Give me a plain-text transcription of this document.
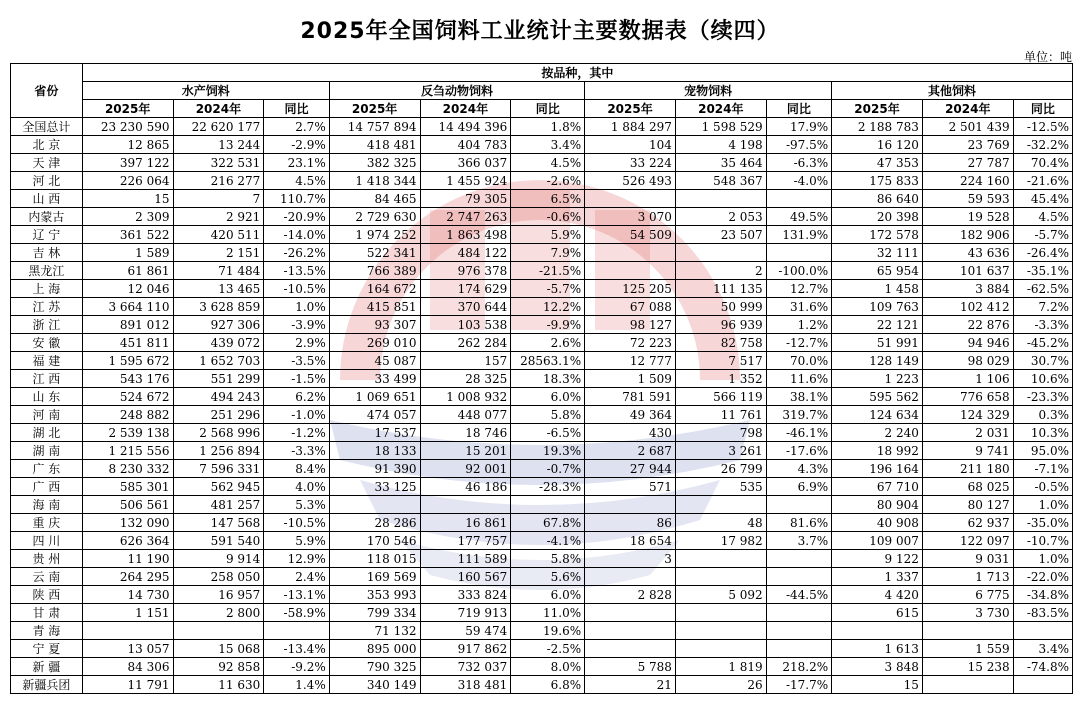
2025年全国饲料工业统计主要数据表（续四）
单位：吨
省份	按品种，其中											
	水产饲料			反刍动物饲料			宠物饲料			其他饲料		
	2025年	2024年	同比	2025年	2024年	同比	2025年	2024年	同比	2025年	2024年	同比
全国总计	23 230 590	22 620 177	2.7%	14 757 894	14 494 396	1.8%	1 884 297	1 598 529	17.9%	2 188 783	2 501 439	-12.5%
北 京	12 865	13 244	-2.9%	418 481	404 783	3.4%	104	4 198	-97.5%	16 120	23 769	-32.2%
天 津	397 122	322 531	23.1%	382 325	366 037	4.5%	33 224	35 464	-6.3%	47 353	27 787	70.4%
河 北	226 064	216 277	4.5%	1 418 344	1 455 924	-2.6%	526 493	548 367	-4.0%	175 833	224 160	-21.6%
山 西	15	7	110.7%	84 465	79 305	6.5%				86 640	59 593	45.4%
内蒙古	2 309	2 921	-20.9%	2 729 630	2 747 263	-0.6%	3 070	2 053	49.5%	20 398	19 528	4.5%
辽 宁	361 522	420 511	-14.0%	1 974 252	1 863 498	5.9%	54 509	23 507	131.9%	172 578	182 906	-5.7%
吉 林	1 589	2 151	-26.2%	522 341	484 122	7.9%				32 111	43 636	-26.4%
黑龙江	61 861	71 484	-13.5%	766 389	976 378	-21.5%		2	-100.0%	65 954	101 637	-35.1%
上 海	12 046	13 465	-10.5%	164 672	174 629	-5.7%	125 205	111 135	12.7%	1 458	3 884	-62.5%
江 苏	3 664 110	3 628 859	1.0%	415 851	370 644	12.2%	67 088	50 999	31.6%	109 763	102 412	7.2%
浙 江	891 012	927 306	-3.9%	93 307	103 538	-9.9%	98 127	96 939	1.2%	22 121	22 876	-3.3%
安 徽	451 811	439 072	2.9%	269 010	262 284	2.6%	72 223	82 758	-12.7%	51 991	94 946	-45.2%
福 建	1 595 672	1 652 703	-3.5%	45 087	157	28563.1%	12 777	7 517	70.0%	128 149	98 029	30.7%
江 西	543 176	551 299	-1.5%	33 499	28 325	18.3%	1 509	1 352	11.6%	1 223	1 106	10.6%
山 东	524 672	494 243	6.2%	1 069 651	1 008 932	6.0%	781 591	566 119	38.1%	595 562	776 658	-23.3%
河 南	248 882	251 296	-1.0%	474 057	448 077	5.8%	49 364	11 761	319.7%	124 634	124 329	0.3%
湖 北	2 539 138	2 568 996	-1.2%	17 537	18 746	-6.5%	430	798	-46.1%	2 240	2 031	10.3%
湖 南	1 215 556	1 256 894	-3.3%	18 133	15 201	19.3%	2 687	3 261	-17.6%	18 992	9 741	95.0%
广 东	8 230 332	7 596 331	8.4%	91 390	92 001	-0.7%	27 944	26 799	4.3%	196 164	211 180	-7.1%
广 西	585 301	562 945	4.0%	33 125	46 186	-28.3%	571	535	6.9%	67 710	68 025	-0.5%
海 南	506 561	481 257	5.3%							80 904	80 127	1.0%
重 庆	132 090	147 568	-10.5%	28 286	16 861	67.8%	86	48	81.6%	40 908	62 937	-35.0%
四 川	626 364	591 540	5.9%	170 546	177 757	-4.1%	18 654	17 982	3.7%	109 007	122 097	-10.7%
贵 州	11 190	9 914	12.9%	118 015	111 589	5.8%	3			9 122	9 031	1.0%
云 南	264 295	258 050	2.4%	169 569	160 567	5.6%				1 337	1 713	-22.0%
陕 西	14 730	16 957	-13.1%	353 993	333 824	6.0%	2 828	5 092	-44.5%	4 420	6 775	-34.8%
甘 肃	1 151	2 800	-58.9%	799 334	719 913	11.0%				615	3 730	-83.5%
青 海				71 132	59 474	19.6%						
宁 夏	13 057	15 068	-13.4%	895 000	917 862	-2.5%				1 613	1 559	3.4%
新 疆	84 306	92 858	-9.2%	790 325	732 037	8.0%	5 788	1 819	218.2%	3 848	15 238	-74.8%
新疆兵团	11 791	11 630	1.4%	340 149	318 481	6.8%	21	26	-17.7%	15		
